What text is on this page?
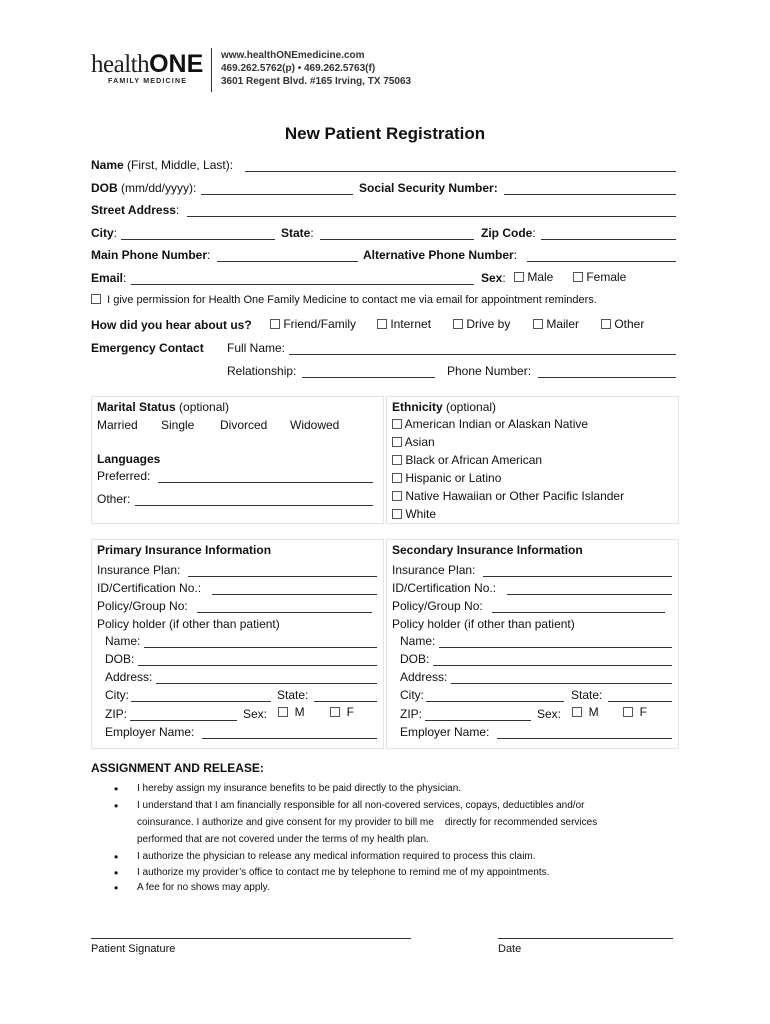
healthONE
FAMILY MEDICINE
www.healthONEmedicine.com
469.262.5762(p) • 469.262.5763(f)
3601 Regent Blvd. #165 Irving, TX 75063
New Patient Registration
Name (First, Middle, Last):
DOB (mm/dd/yyyy):	Social Security Number:
Street Address:
City:	State:	Zip Code:
Main Phone Number:	Alternative Phone Number:
Email:	Sex:	Male	Female
I give permission for Health One Family Medicine to contact me via email for appointment reminders.
How did you hear about us?	Friend/Family	Internet	Drive by	Mailer	Other
Emergency Contact Full Name:
Relationship:	Phone Number:
Marital Status (optional)
Married Single Divorced Widowed
Languages
Preferred:
Other:
Ethnicity (optional)
American Indian or Alaskan Native
Asian
Black or African American
Hispanic or Latino
Native Hawaiian or Other Pacific Islander
White
Primary Insurance Information
Insurance Plan:
ID/Certification No.:
Policy/Group No:
Policy holder (if other than patient)
Name:
DOB:
Address:
City:	State:
ZIP:	Sex:	M	F
Employer Name:
Secondary Insurance Information
Insurance Plan:
ID/Certification No.:
Policy/Group No:
Policy holder (if other than patient)
Name:
DOB:
Address:
City:	State:
ZIP:	Sex:	M	F
Employer Name:
ASSIGNMENT AND RELEASE:
• I hereby assign my insurance benefits to be paid directly to the physician.
• I understand that I am financially responsible for all non-covered services, copays, deductibles and/or
coinsurance. I authorize and give consent for my provider to bill me    directly for recommended services
performed that are not covered under the terms of my health plan.
• I authorize the physician to release any medical information required to process this claim.
• I authorize my provider’s office to contact me by telephone to remind me of my appointments.
• A fee for no shows may apply.
Patient Signature	Date
